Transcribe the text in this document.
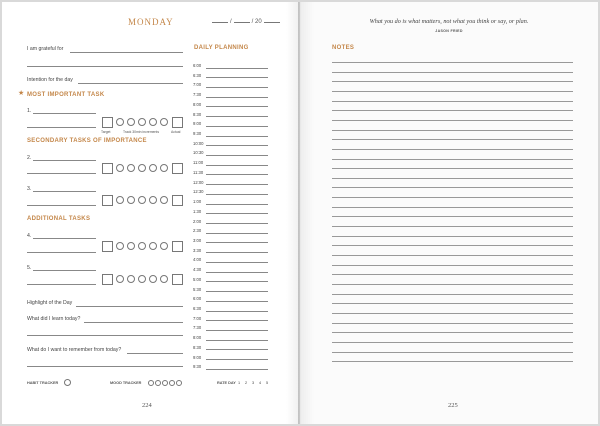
MONDAY	/	/ 20
I am grateful for
Intention for the day
★ MOST IMPORTANT TASK
1.
Target	Track 30min increments	Actual
SECONDARY TASKS OF IMPORTANCE
2.
3.
ADDITIONAL TASKS
4.
5.
Highlight of the Day
What did I learn today?
What do I want to remember from today?
HABIT TRACKER	MOOD TRACKER	RATE DAY 1 2 3 4 5
DAILY PLANNING
6:00
6:30
7:00
7:30
8:00
8:30
9:00
9:30
10:00
10:30
11:00
11:30
12:00
12:30
1:00
1:30
2:00
2:30
3:00
3:30
4:00
4:30
5:00
5:30
6:00
6:30
7:00
7:30
8:00
8:30
9:00
9:30
224
What you do is what matters, not what you think or say, or plan.
JASON FRIED
NOTES
225
